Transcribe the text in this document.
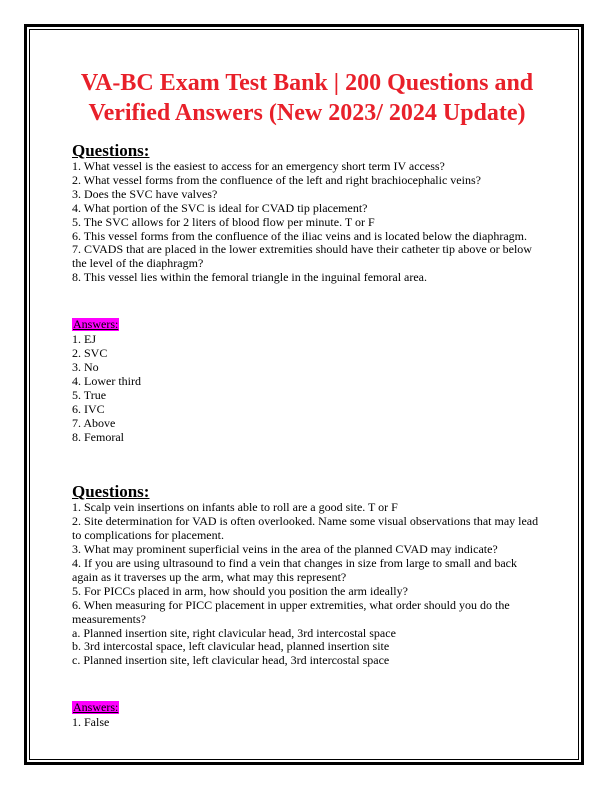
VA-BC Exam Test Bank | 200 Questions and Verified Answers (New 2023/ 2024 Update)
Questions:

1. What vessel is the easiest to access for an emergency short term IV access?

2. What vessel forms from the confluence of the left and right brachiocephalic veins?

3. Does the SVC have valves?

4. What portion of the SVC is ideal for CVAD tip placement?

5. The SVC allows for 2 liters of blood flow per minute. T or F

6. This vessel forms from the confluence of the iliac veins and is located below the diaphragm.

7. CVADS that are placed in the lower extremities should have their catheter tip above or below

the level of the diaphragm?

8. This vessel lies within the femoral triangle in the inguinal femoral area.

Answers:

1. EJ

2. SVC

3. No

4. Lower third

5. True

6. IVC

7. Above

8. Femoral

Questions:

1. Scalp vein insertions on infants able to roll are a good site. T or F

2. Site determination for VAD is often overlooked. Name some visual observations that may lead

to complications for placement.

3. What may prominent superficial veins in the area of the planned CVAD may indicate?

4. If you are using ultrasound to find a vein that changes in size from large to small and back

again as it traverses up the arm, what may this represent?

5. For PICCs placed in arm, how should you position the arm ideally?

6. When measuring for PICC placement in upper extremities, what order should you do the

measurements?

a. Planned insertion site, right clavicular head, 3rd intercostal space

b. 3rd intercostal space, left clavicular head, planned insertion site

c. Planned insertion site, left clavicular head, 3rd intercostal space

Answers:

1. False
